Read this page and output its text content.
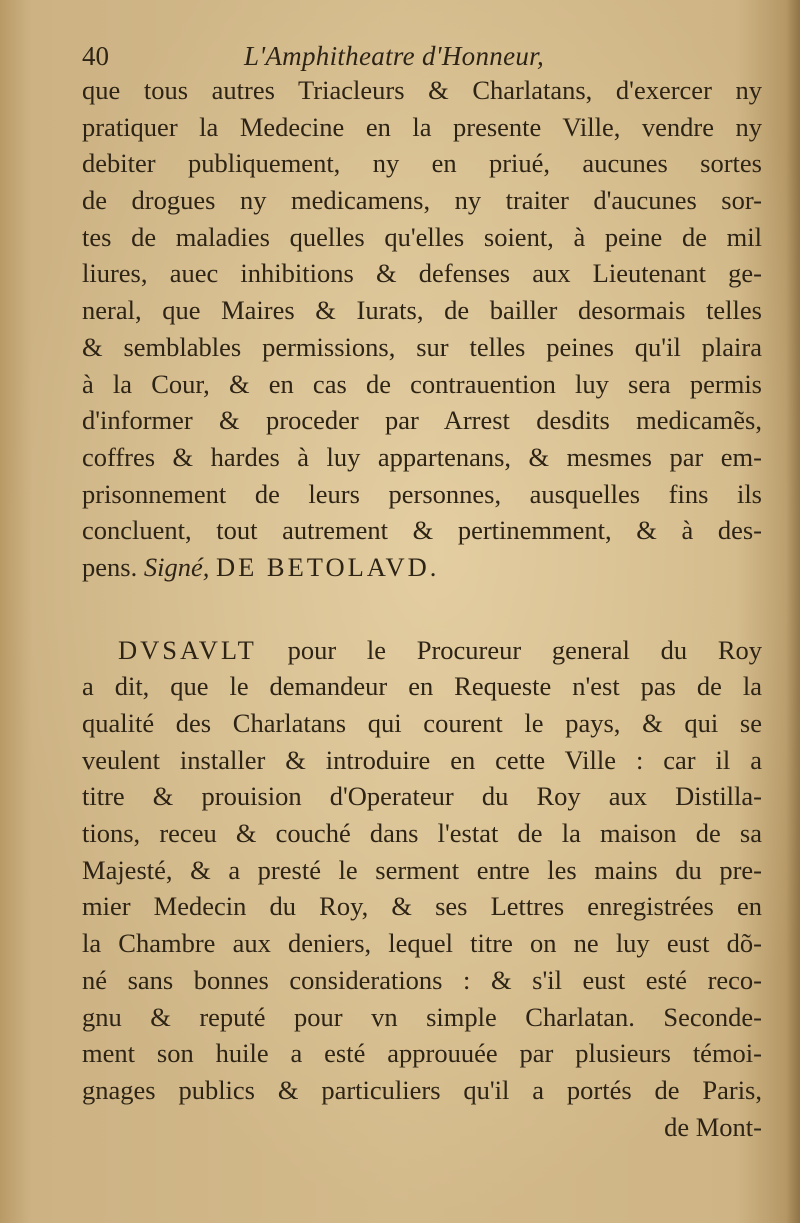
40	L'Amphitheatre d'Honneur,
que tous autres Triacleurs & Charlatans, d'exercer ny
pratiquer la Medecine en la presente Ville, vendre ny
debiter publiquement, ny en priué, aucunes sortes
de drogues ny medicamens, ny traiter d'aucunes sor-
tes de maladies quelles qu'elles soient, à peine de mil
liures, auec inhibitions & defenses aux Lieutenant ge-
neral, que Maires & Iurats, de bailler desormais telles
& semblables permissions, sur telles peines qu'il plaira
à la Cour, & en cas de contrauention luy sera permis
d'informer & proceder par Arrest desdits medicamẽs,
coffres & hardes à luy appartenans, & mesmes par em-
prisonnement de leurs personnes, ausquelles fins ils
concluent, tout autrement & pertinemment, & à des-
pens. Signé, DE BETOLAVD.
DVSAVLT pour le Procureur general du Roy
a dit, que le demandeur en Requeste n'est pas de la
qualité des Charlatans qui courent le pays, & qui se
veulent installer & introduire en cette Ville : car il a
titre & prouision d'Operateur du Roy aux Distilla-
tions, receu & couché dans l'estat de la maison de sa
Majesté, & a presté le serment entre les mains du pre-
mier Medecin du Roy, & ses Lettres enregistrées en
la Chambre aux deniers, lequel titre on ne luy eust dõ-
né sans bonnes considerations : & s'il eust esté reco-
gnu & reputé pour vn simple Charlatan. Seconde-
ment son huile a esté approuuée par plusieurs témoi-
gnages publics & particuliers qu'il a portés de Paris,
de Mont-
